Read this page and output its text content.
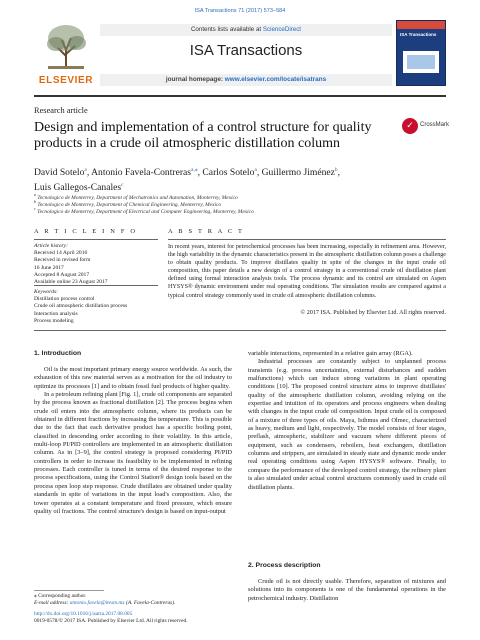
ISA Transactions 71 (2017) 573–584
ELSEVIER
Contents lists available at ScienceDirect
ISA Transactions
journal homepage: www.elsevier.com/locate/isatrans
ISA Transactions
Research article
Design and implementation of a control structure for quality products in a crude oil atmospheric distillation column
✓	CrossMark
David Sotelo$^a$, Antonio Favela-Contreras$^{a,⁎}$, Carlos Sotelo$^a$, Guillermo Jiménez$^b$,
Luis Gallegos-Canales$^c$
$^a$ Tecnologico de Monterrey, Department of Mechatronics and Automation, Monterrey, Mexico
$^b$ Tecnologico de Monterrey, Department of Chemical Engineering, Monterrey, Mexico
$^c$ Tecnologico de Monterrey, Department of Electrical and Computer Engineering, Monterrey, Mexico
A R T I C L E I N F O
Article history:
Received 14 April 2016
Received in revised form
16 June 2017
Accepted 8 August 2017
Available online 23 August 2017
Keywords:
Distillation process control
Crude oil atmospheric distillation process
Interaction analysis
Process modeling
A B S T R A C T
In recent years, interest for petrochemical processes has been increasing, especially in refinement area. However, the high variability in the dynamic characteristics present in the atmospheric distillation column poses a challenge to obtain quality products. To improve distillates quality in spite of the changes in the input crude oil composition, this paper details a new design of a control strategy in a conventional crude oil distillation plant defined using formal interaction analysis tools. The process dynamic and its control are simulated on Aspen HYSYS® dynamic environment under real operating conditions. The simulation results are compared against a typical control strategy commonly used in crude oil atmospheric distillation columns.
© 2017 ISA. Published by Elsevier Ltd. All rights reserved.
1. Introduction

Oil is the most important primary energy source worldwide. As such, the exhaustion of this raw material serves as a motivation for the oil industry to optimize its processes [1] and to obtain fossil fuel products of higher quality.

In a petroleum refining plant [Fig. 1], crude oil components are separated by the process known as fractional distillation [2]. The process begins when crude oil enters into the atmospheric column, where its products can be obtained in different fractions by increasing the temperature. This is possible due to the fact that each derivative product has a specific boiling point, classified in descending order according to their volatility. In this article, multi-loop PI/PID controllers are implemented in an atmospheric distillation column. As in [3–9], the control strategy is proposed considering PI/PID controllers in order to increase its feasibility to be implemented in refining processes. Each controller is tuned in terms of the desired response to the process specifications, using the Control Station® design tools based on the process open loop step response. Crude distillates are obtained under quality standards in spite of variations in the input load's composition. Also, the tower operates at a constant temperature and fixed pressure, which ensure quality oil fractions. The control structure's design is based on input-output

variable interactions, represented in a relative gain array (RGA).

Industrial processes are constantly subject to unplanned process transients (e.g. process uncertainties, external disturbances and sudden malfunctions) which can induce strong variations in plant operating conditions [10]. The proposed control structure aims to improve distillates' quality of the atmospheric distillation column, avoiding relying on the expertise and intuition of its operators and process engineers when dealing with changes in the input crude oil composition. Input crude oil is composed of a mixture of three types of oils. Maya, Isthmus and Olmec, characterized as heavy, medium and light, respectively. The model consists of four stages, preflash, atmospheric, stabilizer and vacuum where different pieces of equipment, such as condensers, reboilers, heat exchangers, distillation columns and strippers, are simulated in steady state and dynamic mode under real operating conditions using Aspen HYSYS® software. Finally, to compare the performance of the developed control strategy, the refinery plant is also simulated under actual control structures commonly used in crude oil distillation plants.

2. Process description

Crude oil is not directly usable. Therefore, separation of mixtures and solutions into its components is one of the fundamental operations in the petrochemical industry. Distillation

⁎ Corresponding author.
E-mail address: antonio.favela@itesm.mx (A. Favela-Contreras).
http://dx.doi.org/10.1016/j.isatra.2017.08.005
0019-0578/© 2017 ISA. Published by Elsevier Ltd. All rights reserved.
